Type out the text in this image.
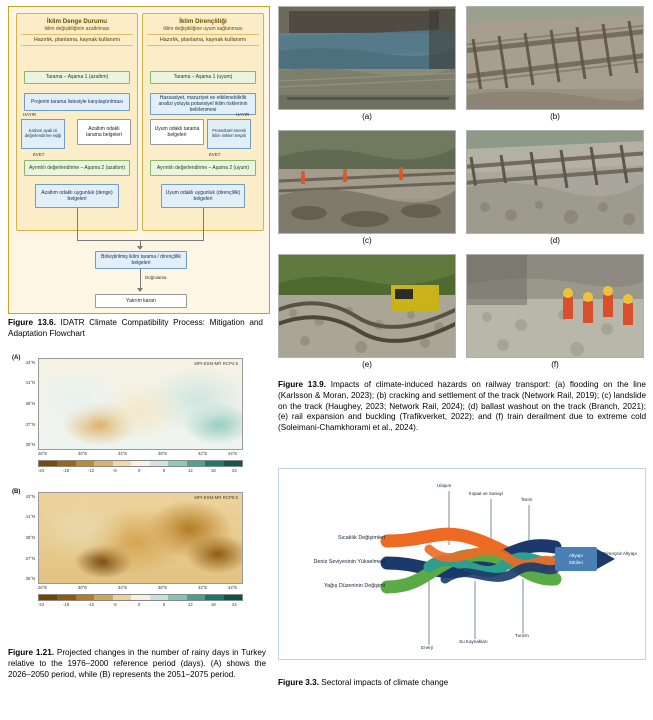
İklim Denge Durumu
iklim değişikliğinin azaltılması
Hazırlık, planlama, kaynak kullanımı
Tarama – Aşama 1 (azaltım)
Projenin tarama listesiyle karşılaştırılması
Karbon ayak izi değerlendirme eşiği
Azaltım odaklı tarama belgeleri
HAYIR
EVET
Ayrıntılı değerlendirme – Aşama 2 (azaltım)
Azaltım odaklı uygunluk (denge) belgeleri
İklim Dirençliliği
iklim değişikliğine uyum sağlanması
Hazırlık, planlama, kaynak kullanımı
Tarama – Aşama 1 (uyum)
Hassasiyet, maruziyet ve etkilenebilirlik analizi yoluyla potansiyel iklim risklerinin belirlenmesi
Prosedürel önemli iklim riskleri tespiti
Uyum odaklı tarama belgeleri
HAYIR
EVET
Ayrıntılı değerlendirme – Aşama 2 (uyum)
Uyum odaklı uygunluk (dirençlilik) belgeleri
Birleştirilmiş iklim tarama / dirençlilik belgeleri
Doğrulama
Yatırım kararı
Figure 13.6. IDATR Climate Compatibility Process: Mitigation and Adaptation Flowchart
(A)
MPI-ESM-MR RCP4.5
43°N
41°N
39°N
37°N
35°N
26°E	30°E	34°E	38°E	42°E	44°E
-24	-18	-12	-6	0	6	12	18	24
(B)
MPI-ESM-MR RCP8.5
43°N
41°N
39°N
37°N
35°N
26°E	30°E	34°E	38°E	42°E	44°E
-24	-18	-12	-6	0	6	12	18	24
Figure 1.21. Projected changes in the number of rainy days in Turkey relative to the 1976–2000 reference period (days). (A) shows the 2026–2050 period, while (B) represents the 2051–2075 period.
(a)	(b)
(c)	(d)
(e)	(f)
Figure 13.9. Impacts of climate-induced hazards on railway transport: (a) flooding on the line (Karlsson & Moran, 2023); (b) cracking and settlement of the track (Network Rail, 2019); (c) landslide on the track (Haughey, 2023; Network Rail, 2024); (d) ballast washout on the track (Branch, 2021); (e) rail expansion and buckling (Trafikverket, 2022); and (f) train derailment due to extreme cold (Soleimani-Chamkhorami et al., 2024).
Altyapı
Etkileri
Sıcaklık Değişimleri
Deniz Seviyesinin Yükselmesi
Yağış Düzeninin Değişimi
Ulaşım
İnşaat ve Sanayi
Tarım
Enerji
Su Kaynakları
Turizm
Dirençsiz Altyapı
Figure 3.3. Sectoral impacts of climate change
